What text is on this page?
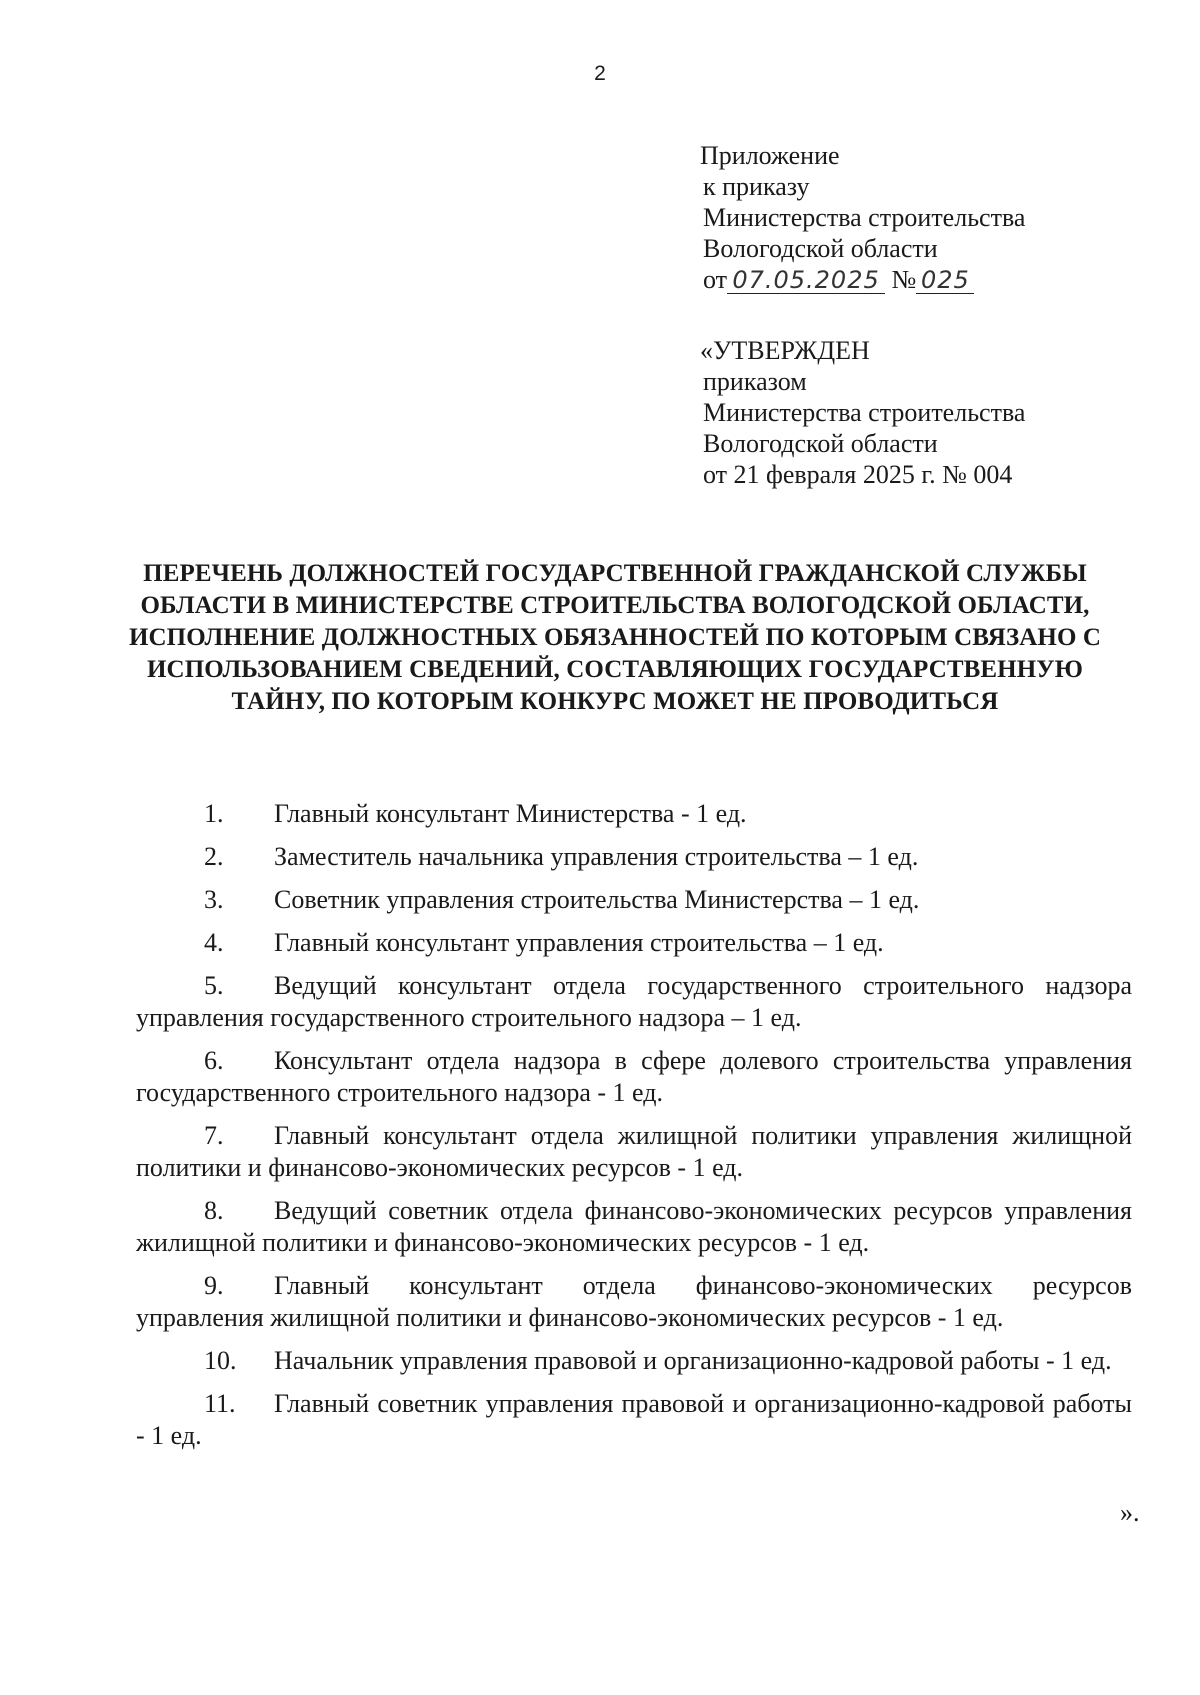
2
Приложение
к приказу
Министерства строительства
Вологодской области
от 07.05.2025 № 025
«УТВЕРЖДЕН
приказом
Министерства строительства
Вологодской области
от 21 февраля 2025 г. № 004
ПЕРЕЧЕНЬ ДОЛЖНОСТЕЙ ГОСУДАРСТВЕННОЙ ГРАЖДАНСКОЙ СЛУЖБЫ ОБЛАСТИ В МИНИСТЕРСТВЕ СТРОИТЕЛЬСТВА ВОЛОГОДСКОЙ ОБЛАСТИ, ИСПОЛНЕНИЕ ДОЛЖНОСТНЫХ ОБЯЗАННОСТЕЙ ПО КОТОРЫМ СВЯЗАНО С ИСПОЛЬЗОВАНИЕМ СВЕДЕНИЙ, СОСТАВЛЯЮЩИХ ГОСУДАРСТВЕННУЮ ТАЙНУ, ПО КОТОРЫМ КОНКУРС МОЖЕТ НЕ ПРОВОДИТЬСЯ
1. Главный консультант Министерства - 1 ед.
2. Заместитель начальника управления строительства – 1 ед.
3. Советник управления строительства Министерства – 1 ед.
4. Главный консультант управления строительства – 1 ед.
5. Ведущий консультант отдела государственного строительного надзора управления государственного строительного надзора – 1 ед.
6. Консультант отдела надзора в сфере долевого строительства управления государственного строительного надзора - 1 ед.
7. Главный консультант отдела жилищной политики управления жилищной политики и финансово-экономических ресурсов - 1 ед.
8. Ведущий советник отдела финансово-экономических ресурсов управления жилищной политики и финансово-экономических ресурсов - 1 ед.
9. Главный консультант отдела финансово-экономических ресурсов управления жилищной политики и финансово-экономических ресурсов - 1 ед.
10. Начальник управления правовой и организационно-кадровой работы - 1 ед.
11. Главный советник управления правовой и организационно-кадровой работы - 1 ед.
».
